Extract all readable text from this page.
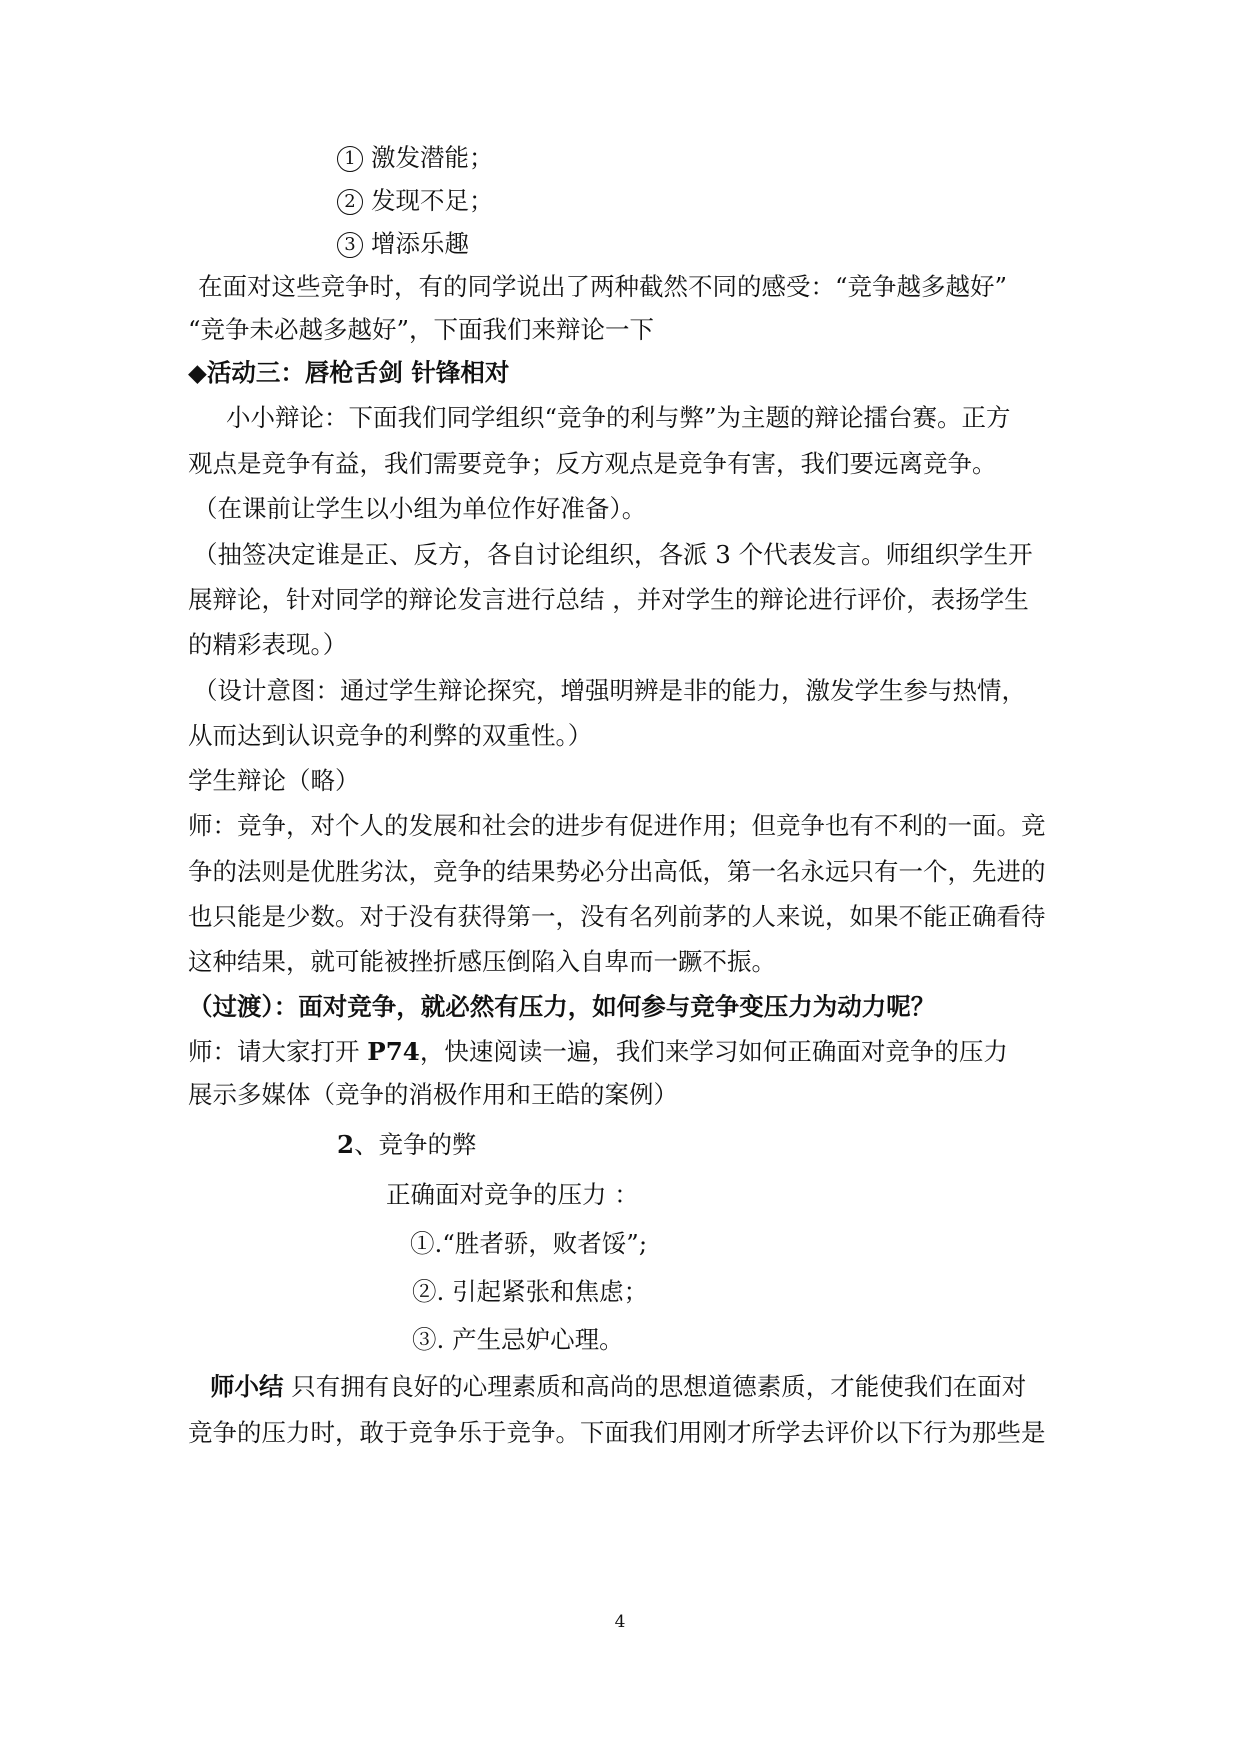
1 激发潜能；
2 发现不足；
3 增添乐趣
在面对这些竞争时，有的同学说出了两种截然不同的感受：“竞争越多越好”
“竞争未必越多越好”，下面我们来辩论一下
◆活动三：唇枪舌剑 针锋相对
小小辩论：下面我们同学组织“竞争的利与弊”为主题的辩论擂台赛。正方
观点是竞争有益，我们需要竞争；反方观点是竞争有害，我们要远离竞争。
（在课前让学生以小组为单位作好准备）。
（抽签决定谁是正、反方，各自讨论组织，各派 3 个代表发言。师组织学生开
展辩论，针对同学的辩论发言进行总结 ，并对学生的辩论进行评价，表扬学生
的精彩表现。）
（设计意图：通过学生辩论探究，增强明辨是非的能力，激发学生参与热情，
从而达到认识竞争的利弊的双重性。）
学生辩论（略）
师：竞争，对个人的发展和社会的进步有促进作用；但竞争也有不利的一面。竞
争的法则是优胜劣汰，竞争的结果势必分出高低，第一名永远只有一个，先进的
也只能是少数。对于没有获得第一，没有名列前茅的人来说，如果不能正确看待
这种结果，就可能被挫折感压倒陷入自卑而一蹶不振。
（过渡）：面对竞争，就必然有压力，如何参与竞争变压力为动力呢？
师：请大家打开 P74，快速阅读一遍，我们来学习如何正确面对竞争的压力
展示多媒体（竞争的消极作用和王皓的案例）
2、竞争的弊
正确面对竞争的压力 ：
①.“胜者骄，败者馁”;
②. 引起紧张和焦虑；
③. 产生忌妒心理。
师小结 只有拥有良好的心理素质和高尚的思想道德素质，才能使我们在面对
竞争的压力时，敢于竞争乐于竞争。下面我们用刚才所学去评价以下行为那些是
4
